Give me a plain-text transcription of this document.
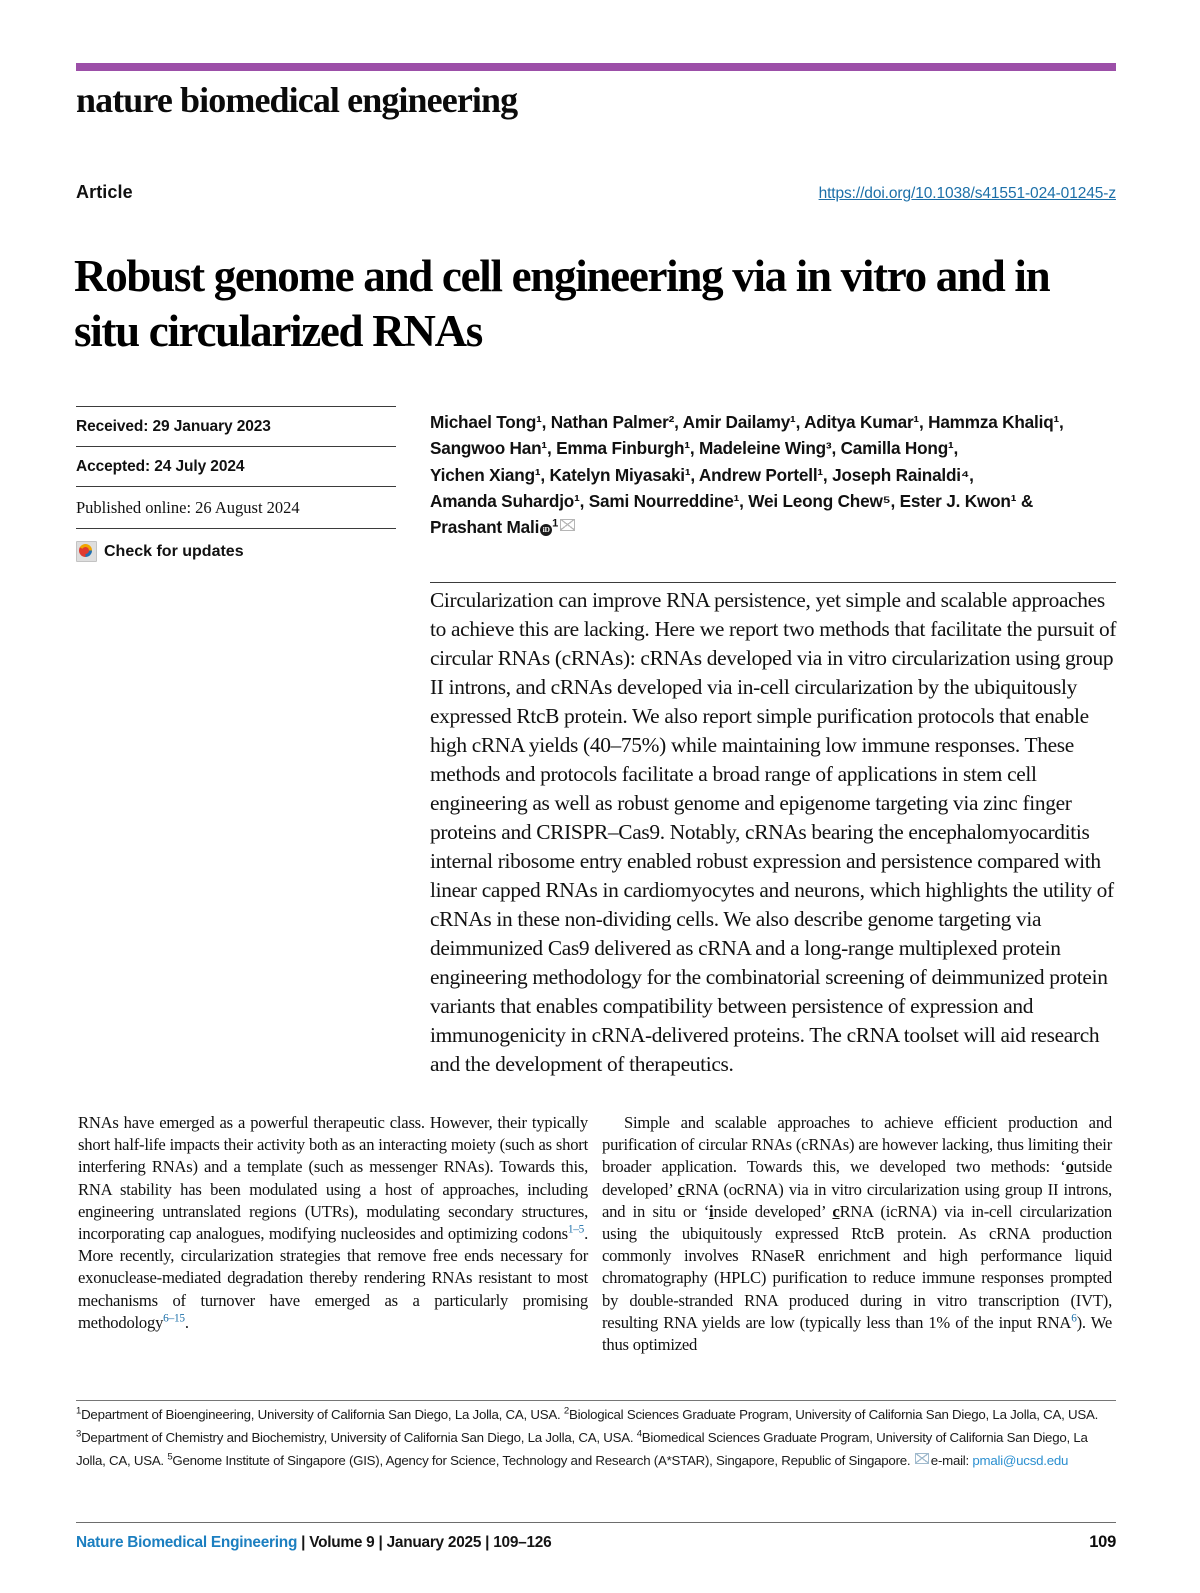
nature biomedical engineering
Article	https://doi.org/10.1038/s41551-024-01245-z
Robust genome and cell engineering via in vitro and in situ circularized RNAs
Received: 29 January 2023
Accepted: 24 July 2024
Published online: 26 August 2024
Check for updates
Michael Tong¹, Nathan Palmer², Amir Dailamy¹, Aditya Kumar¹, Hammza Khaliq¹,
Sangwoo Han¹, Emma Finburgh¹, Madeleine Wing³, Camilla Hong¹,
Yichen Xiang¹, Katelyn Miyasaki¹, Andrew Portell¹, Joseph Rainaldi⁴,
Amanda Suhardjo¹, Sami Nourreddine¹, Wei Leong Chew⁵, Ester J. Kwon¹ &
Prashant Mali $iD^1$
Circularization can improve RNA persistence, yet simple and scalable approaches to achieve this are lacking. Here we report two methods that facilitate the pursuit of circular RNAs (cRNAs): cRNAs developed via in vitro circularization using group II introns, and cRNAs developed via in-cell circularization by the ubiquitously expressed RtcB protein. We also report simple purification protocols that enable high cRNA yields (40–75%) while maintaining low immune responses. These methods and protocols facilitate a broad range of applications in stem cell engineering as well as robust genome and epigenome targeting via zinc finger proteins and CRISPR–Cas9. Notably, cRNAs bearing the encephalomyocarditis internal ribosome entry enabled robust expression and persistence compared with linear capped RNAs in cardiomyocytes and neurons, which highlights the utility of cRNAs in these non-dividing cells. We also describe genome targeting via deimmunized Cas9 delivered as cRNA and a long-range multiplexed protein engineering methodology for the combinatorial screening of deimmunized protein variants that enables compatibility between persistence of expression and immunogenicity in cRNA-delivered proteins. The cRNA toolset will aid research and the development of therapeutics.

RNAs have emerged as a powerful therapeutic class. However, their typically short half-life impacts their activity both as an interacting moiety (such as short interfering RNAs) and a template (such as messenger RNAs). Towards this, RNA stability has been modulated using a host of approaches, including engineering untranslated regions (UTRs), modulating secondary structures, incorporating cap analogues, modifying nucleosides and optimizing codons$^{1-5}$. More recently, circularization strategies that remove free ends necessary for exonuclease-mediated degradation thereby rendering RNAs resistant to most mechanisms of turnover have emerged as a particularly promising methodology$^{6-15}$.

Simple and scalable approaches to achieve efficient production and purification of circular RNAs (cRNAs) are however lacking, thus limiting their broader application. Towards this, we developed two methods: ‘outside developed’ cRNA (ocRNA) via in vitro circularization using group II introns, and in situ or ‘inside developed’ cRNA (icRNA) via in-cell circularization using the ubiquitously expressed RtcB protein. As cRNA production commonly involves RNaseR enrichment and high performance liquid chromatography (HPLC) purification to reduce immune responses prompted by double-stranded RNA produced during in vitro transcription (IVT), resulting RNA yields are low (typically less than 1% of the input RNA$^6$). We thus optimized

$^1$Department of Bioengineering, University of California San Diego, La Jolla, CA, USA. $^2$Biological Sciences Graduate Program, University of California San Diego, La Jolla, CA, USA. $^3$Department of Chemistry and Biochemistry, University of California San Diego, La Jolla, CA, USA. $^4$Biomedical Sciences Graduate Program, University of California San Diego, La Jolla, CA, USA. $^5$Genome Institute of Singapore (GIS), Agency for Science, Technology and Research (A*STAR), Singapore, Republic of Singapore. e-mail: pmali@ucsd.edu
Nature Biomedical Engineering | Volume 9 | January 2025 | 109–126	109
